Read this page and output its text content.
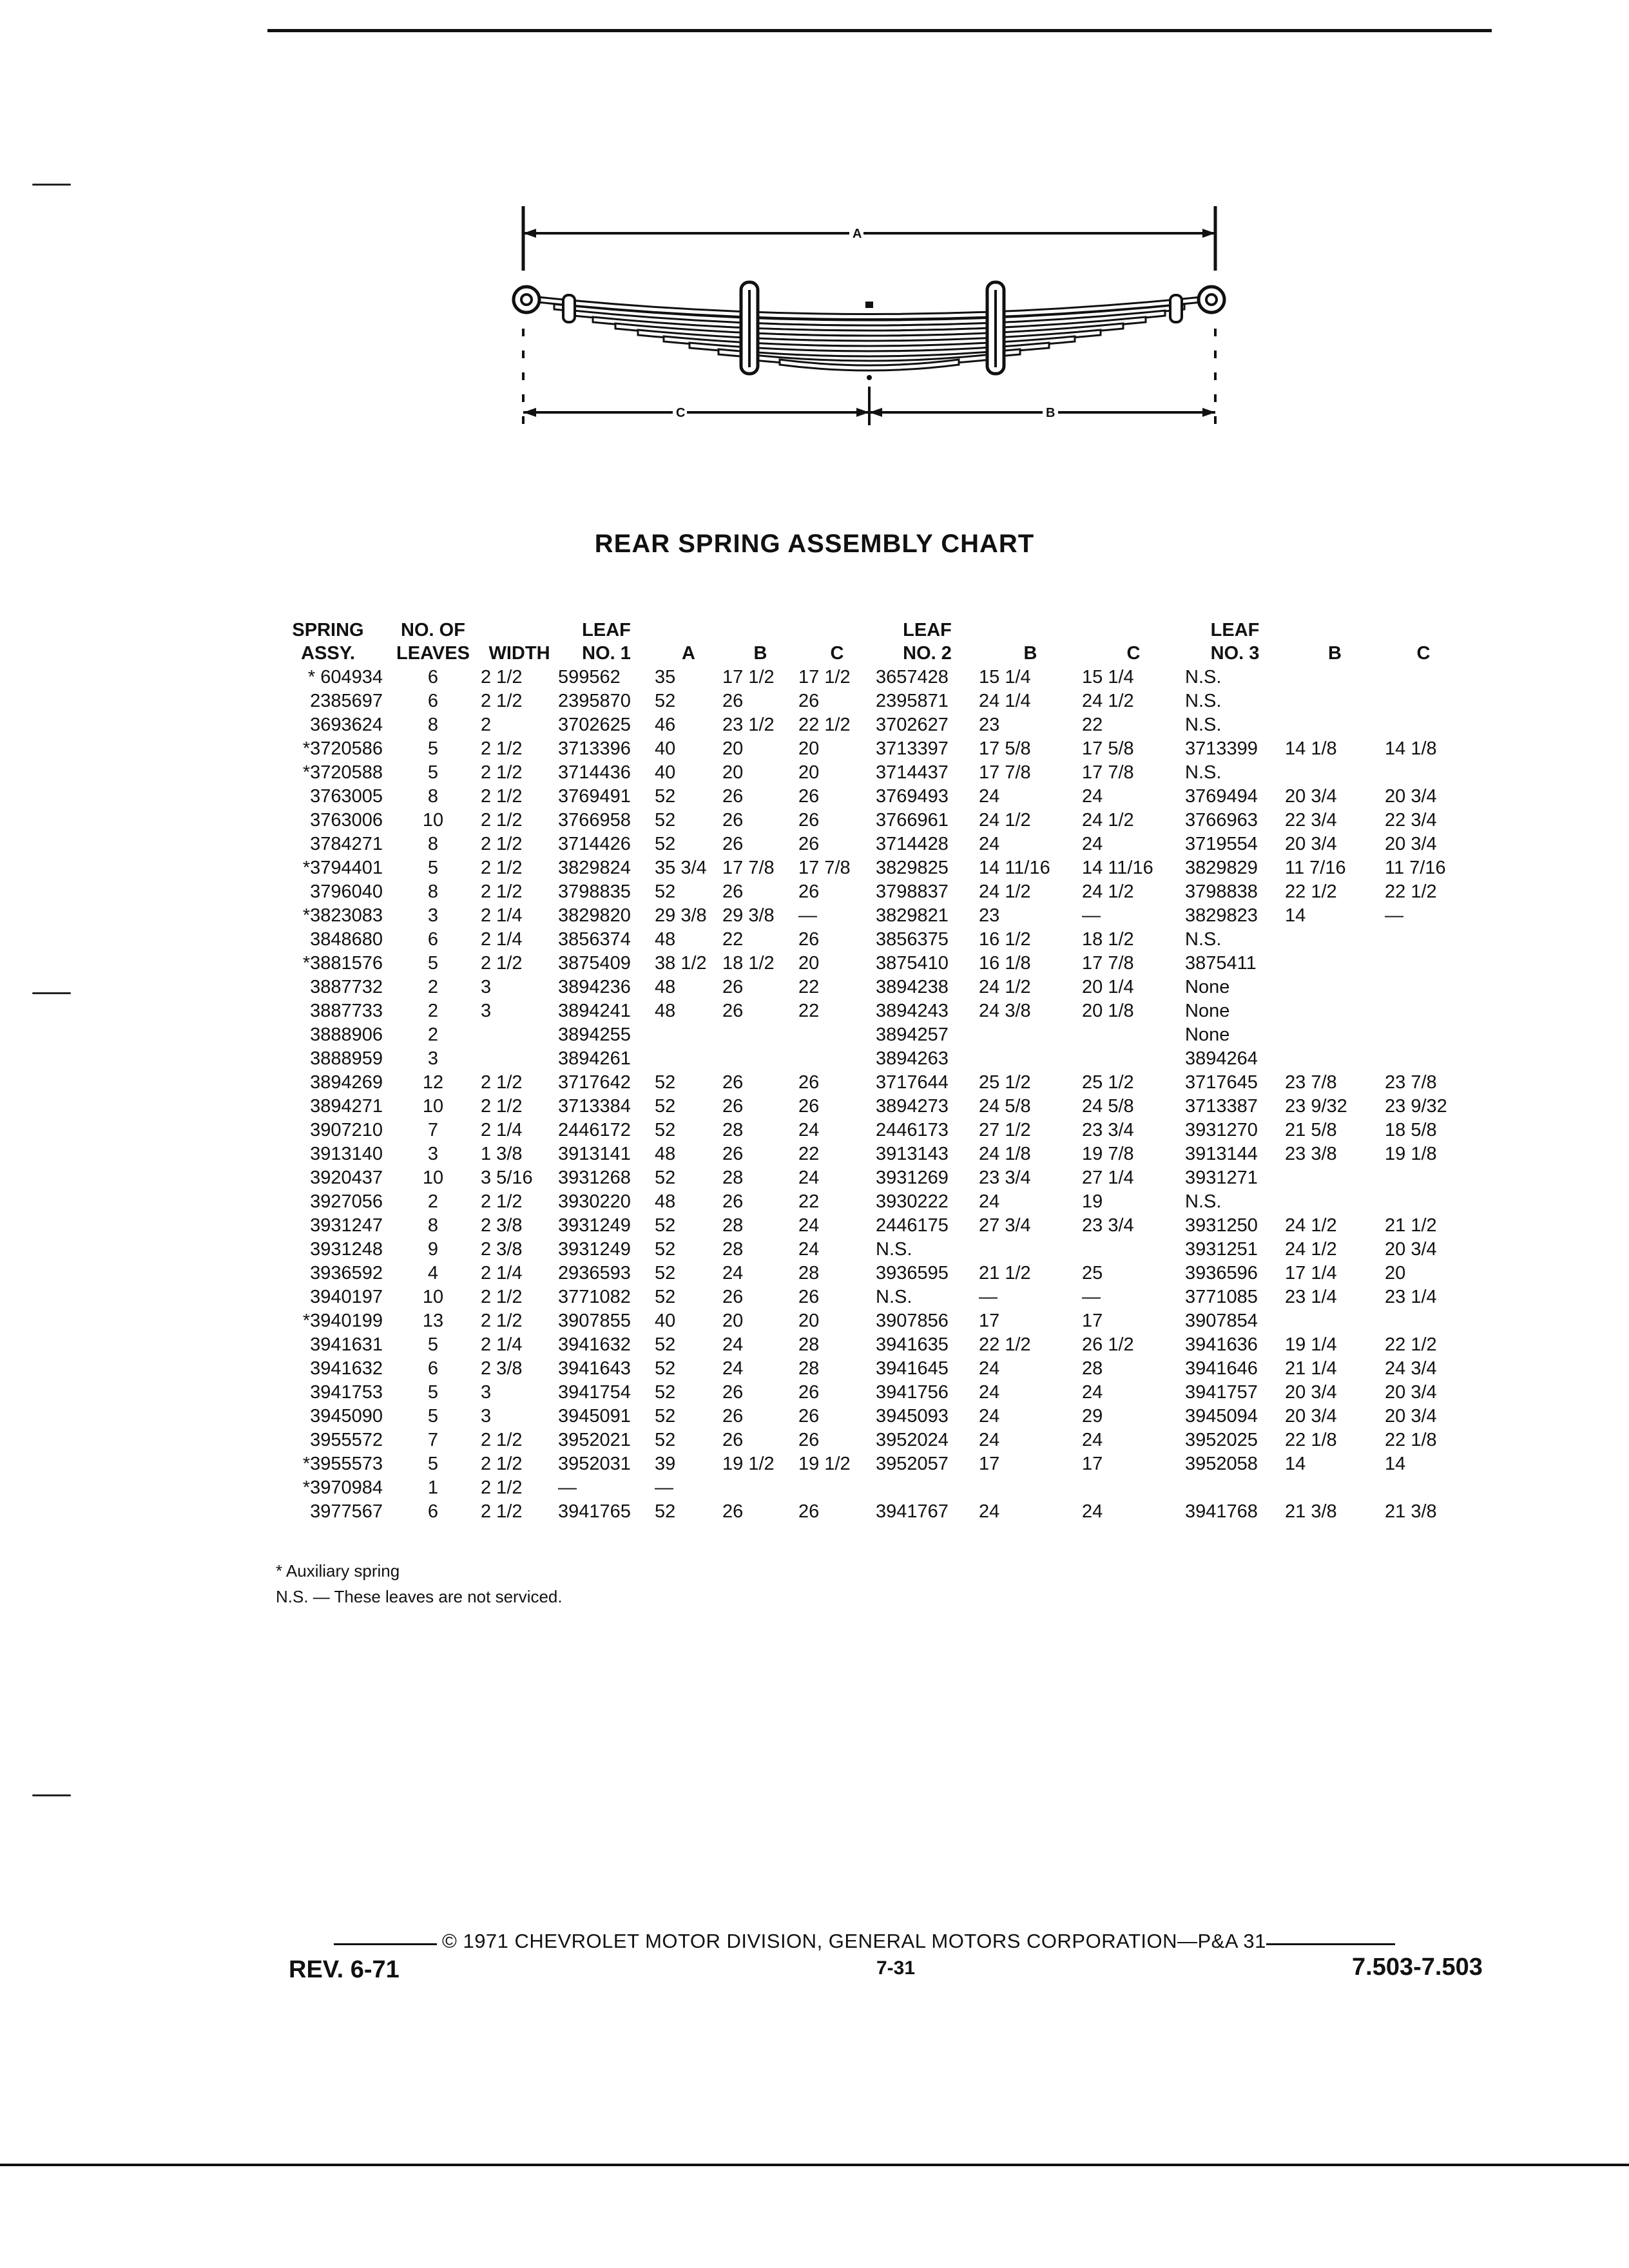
A
C	B
REAR SPRING ASSEMBLY CHART
SPRING	NO. OF		LEAF				LEAF			LEAF		
ASSY.	LEAVES	WIDTH	NO. 1	A	B	C	NO. 2	B	C	NO. 3	B	C
* 604934	6	2 1/2	599562	35	17 1/2	17 1/2	3657428	15 1/4	15 1/4	N.S.		
2385697	6	2 1/2	2395870	52	26	26	2395871	24 1/4	24 1/2	N.S.		
3693624	8	2	3702625	46	23 1/2	22 1/2	3702627	23	22	N.S.		
*3720586	5	2 1/2	3713396	40	20	20	3713397	17 5/8	17 5/8	3713399	14 1/8	14 1/8
*3720588	5	2 1/2	3714436	40	20	20	3714437	17 7/8	17 7/8	N.S.		
3763005	8	2 1/2	3769491	52	26	26	3769493	24	24	3769494	20 3/4	20 3/4
3763006	10	2 1/2	3766958	52	26	26	3766961	24 1/2	24 1/2	3766963	22 3/4	22 3/4
3784271	8	2 1/2	3714426	52	26	26	3714428	24	24	3719554	20 3/4	20 3/4
*3794401	5	2 1/2	3829824	35 3/4	17 7/8	17 7/8	3829825	14 11/16	14 11/16	3829829	11 7/16	11 7/16
3796040	8	2 1/2	3798835	52	26	26	3798837	24 1/2	24 1/2	3798838	22 1/2	22 1/2
*3823083	3	2 1/4	3829820	29 3/8	29 3/8	—	3829821	23	—	3829823	14	—
3848680	6	2 1/4	3856374	48	22	26	3856375	16 1/2	18 1/2	N.S.		
*3881576	5	2 1/2	3875409	38 1/2	18 1/2	20	3875410	16 1/8	17 7/8	3875411		
3887732	2	3	3894236	48	26	22	3894238	24 1/2	20 1/4	None		
3887733	2	3	3894241	48	26	22	3894243	24 3/8	20 1/8	None		
3888906	2		3894255				3894257			None		
3888959	3		3894261				3894263			3894264		
3894269	12	2 1/2	3717642	52	26	26	3717644	25 1/2	25 1/2	3717645	23 7/8	23 7/8
3894271	10	2 1/2	3713384	52	26	26	3894273	24 5/8	24 5/8	3713387	23 9/32	23 9/32
3907210	7	2 1/4	2446172	52	28	24	2446173	27 1/2	23 3/4	3931270	21 5/8	18 5/8
3913140	3	1 3/8	3913141	48	26	22	3913143	24 1/8	19 7/8	3913144	23 3/8	19 1/8
3920437	10	3 5/16	3931268	52	28	24	3931269	23 3/4	27 1/4	3931271		
3927056	2	2 1/2	3930220	48	26	22	3930222	24	19	N.S.		
3931247	8	2 3/8	3931249	52	28	24	2446175	27 3/4	23 3/4	3931250	24 1/2	21 1/2
3931248	9	2 3/8	3931249	52	28	24	N.S.			3931251	24 1/2	20 3/4
3936592	4	2 1/4	2936593	52	24	28	3936595	21 1/2	25	3936596	17 1/4	20
3940197	10	2 1/2	3771082	52	26	26	N.S.	—	—	3771085	23 1/4	23 1/4
*3940199	13	2 1/2	3907855	40	20	20	3907856	17	17	3907854		
3941631	5	2 1/4	3941632	52	24	28	3941635	22 1/2	26 1/2	3941636	19 1/4	22 1/2
3941632	6	2 3/8	3941643	52	24	28	3941645	24	28	3941646	21 1/4	24 3/4
3941753	5	3	3941754	52	26	26	3941756	24	24	3941757	20 3/4	20 3/4
3945090	5	3	3945091	52	26	26	3945093	24	29	3945094	20 3/4	20 3/4
3955572	7	2 1/2	3952021	52	26	26	3952024	24	24	3952025	22 1/8	22 1/8
*3955573	5	2 1/2	3952031	39	19 1/2	19 1/2	3952057	17	17	3952058	14	14
*3970984	1	2 1/2	—	—								
3977567	6	2 1/2	3941765	52	26	26	3941767	24	24	3941768	21 3/8	21 3/8
* Auxiliary spring
N.S. — These leaves are not serviced.
© 1971 CHEVROLET MOTOR DIVISION, GENERAL MOTORS CORPORATION—P&A 31
REV. 6-71	7-31	7.503-7.503
